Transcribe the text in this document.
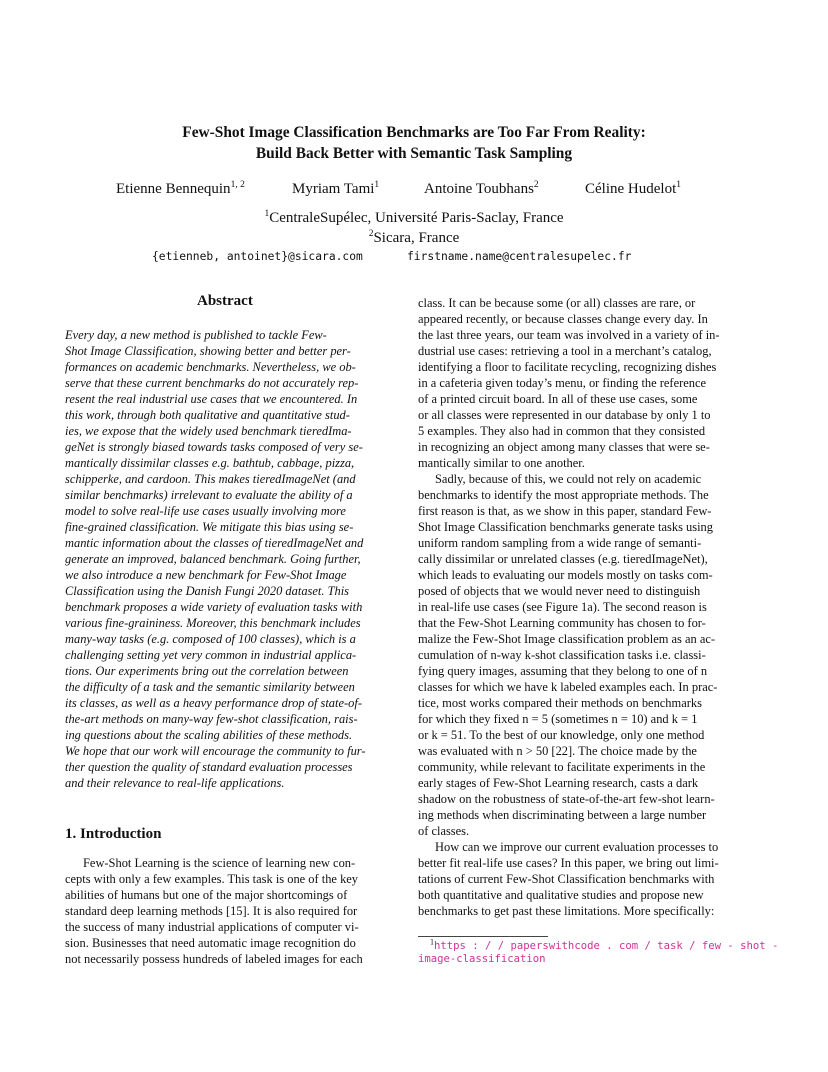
Few-Shot Image Classification Benchmarks are Too Far From Reality:
Build Back Better with Semantic Task Sampling
Etienne Bennequin$^{1, 2}$	Myriam Tami$^1$	Antoine Toubhans$^2$	Céline Hudelot$^1$
$^1$CentraleSupélec, Université Paris-Saclay, France
$^2$Sicara, France
{etienneb, antoinet}@sicara.com	firstname.name@centralesupelec.fr
Abstract
Every day, a new method is published to tackle Few-
Shot Image Classification, showing better and better per-
formances on academic benchmarks. Nevertheless, we ob-
serve that these current benchmarks do not accurately rep-
resent the real industrial use cases that we encountered. In
this work, through both qualitative and quantitative stud-
ies, we expose that the widely used benchmark tieredIma-
geNet is strongly biased towards tasks composed of very se-
mantically dissimilar classes e.g. bathtub, cabbage, pizza,
schipperke, and cardoon. This makes tieredImageNet (and
similar benchmarks) irrelevant to evaluate the ability of a
model to solve real-life use cases usually involving more
fine-grained classification. We mitigate this bias using se-
mantic information about the classes of tieredImageNet and
generate an improved, balanced benchmark. Going further,
we also introduce a new benchmark for Few-Shot Image
Classification using the Danish Fungi 2020 dataset. This
benchmark proposes a wide variety of evaluation tasks with
various fine-graininess. Moreover, this benchmark includes
many-way tasks (e.g. composed of 100 classes), which is a
challenging setting yet very common in industrial applica-
tions. Our experiments bring out the correlation between
the difficulty of a task and the semantic similarity between
its classes, as well as a heavy performance drop of state-of-
the-art methods on many-way few-shot classification, rais-
ing questions about the scaling abilities of these methods.
We hope that our work will encourage the community to fur-
ther question the quality of standard evaluation processes
and their relevance to real-life applications.
1. Introduction
Few-Shot Learning is the science of learning new con-
cepts with only a few examples. This task is one of the key
abilities of humans but one of the major shortcomings of
standard deep learning methods [15]. It is also required for
the success of many industrial applications of computer vi-
sion. Businesses that need automatic image recognition do
not necessarily possess hundreds of labeled images for each
class. It can be because some (or all) classes are rare, or
appeared recently, or because classes change every day. In
the last three years, our team was involved in a variety of in-
dustrial use cases: retrieving a tool in a merchant’s catalog,
identifying a floor to facilitate recycling, recognizing dishes
in a cafeteria given today’s menu, or finding the reference
of a printed circuit board. In all of these use cases, some
or all classes were represented in our database by only 1 to
5 examples. They also had in common that they consisted
in recognizing an object among many classes that were se-
mantically similar to one another.
Sadly, because of this, we could not rely on academic
benchmarks to identify the most appropriate methods. The
first reason is that, as we show in this paper, standard Few-
Shot Image Classification benchmarks generate tasks using
uniform random sampling from a wide range of semanti-
cally dissimilar or unrelated classes (e.g. tieredImageNet),
which leads to evaluating our models mostly on tasks com-
posed of objects that we would never need to distinguish
in real-life use cases (see Figure 1a). The second reason is
that the Few-Shot Learning community has chosen to for-
malize the Few-Shot Image classification problem as an ac-
cumulation of n-way k-shot classification tasks i.e. classi-
fying query images, assuming that they belong to one of n
classes for which we have k labeled examples each. In prac-
tice, most works compared their methods on benchmarks
for which they fixed n = 5 (sometimes n = 10) and k = 1
or k = 51. To the best of our knowledge, only one method
was evaluated with n > 50 [22]. The choice made by the
community, while relevant to facilitate experiments in the
early stages of Few-Shot Learning research, casts a dark
shadow on the robustness of state-of-the-art few-shot learn-
ing methods when discriminating between a large number
of classes.
How can we improve our current evaluation processes to
better fit real-life use cases? In this paper, we bring out limi-
tations of current Few-Shot Classification benchmarks with
both quantitative and qualitative studies and propose new
benchmarks to get past these limitations. More specifically:
$^1$https : / / paperswithcode . com / task / few - shot -
image-classification
